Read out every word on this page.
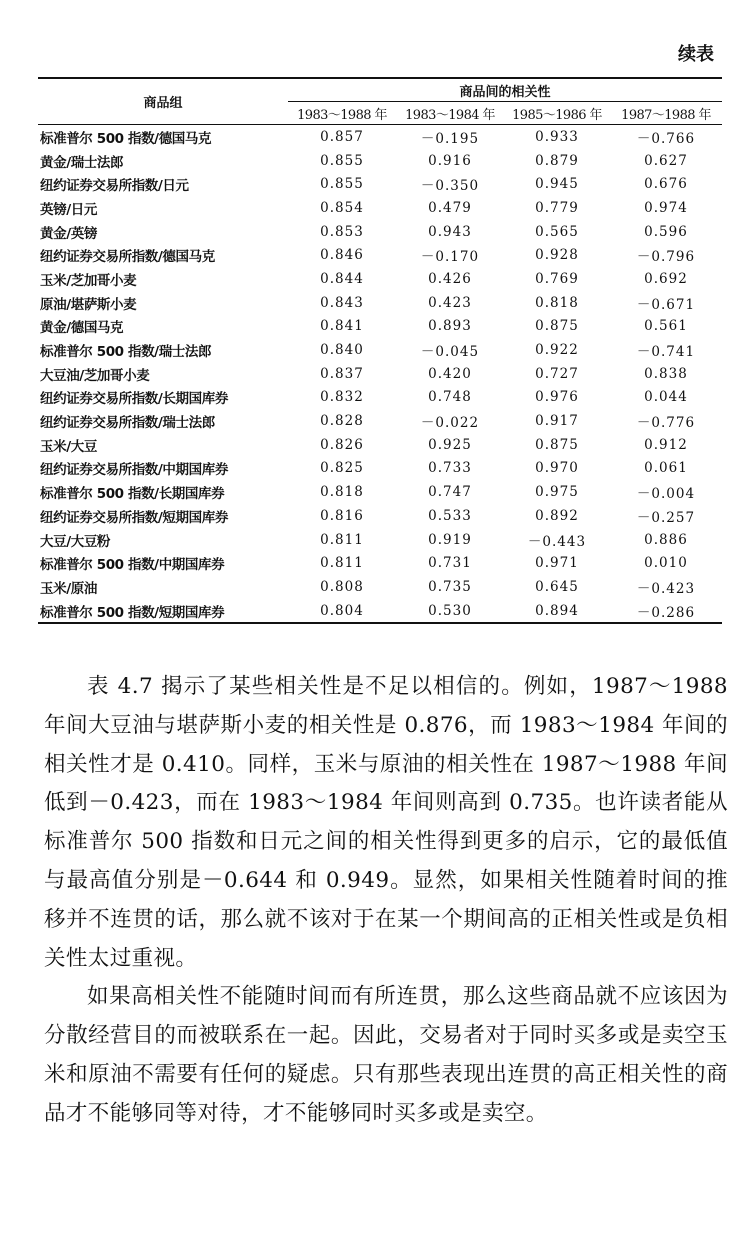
续表
商品组	商品间的相关性			
	1983～1988 年	1983～1984 年	1985～1986 年	1987～1988 年
标准普尔 500 指数/德国马克	0.857	－0.195	0.933	－0.766
黄金/瑞士法郎	0.855	0.916	0.879	0.627
纽约证券交易所指数/日元	0.855	－0.350	0.945	0.676
英镑/日元	0.854	0.479	0.779	0.974
黄金/英镑	0.853	0.943	0.565	0.596
纽约证券交易所指数/德国马克	0.846	－0.170	0.928	－0.796
玉米/芝加哥小麦	0.844	0.426	0.769	0.692
原油/堪萨斯小麦	0.843	0.423	0.818	－0.671
黄金/德国马克	0.841	0.893	0.875	0.561
标准普尔 500 指数/瑞士法郎	0.840	－0.045	0.922	－0.741
大豆油/芝加哥小麦	0.837	0.420	0.727	0.838
纽约证券交易所指数/长期国库券	0.832	0.748	0.976	0.044
纽约证券交易所指数/瑞士法郎	0.828	－0.022	0.917	－0.776
玉米/大豆	0.826	0.925	0.875	0.912
纽约证券交易所指数/中期国库券	0.825	0.733	0.970	0.061
标准普尔 500 指数/长期国库券	0.818	0.747	0.975	－0.004
纽约证券交易所指数/短期国库券	0.816	0.533	0.892	－0.257
大豆/大豆粉	0.811	0.919	－0.443	0.886
标准普尔 500 指数/中期国库券	0.811	0.731	0.971	0.010
玉米/原油	0.808	0.735	0.645	－0.423
标准普尔 500 指数/短期国库券	0.804	0.530	0.894	－0.286

表 4.7 揭示了某些相关性是不足以相信的。例如，1987～1988 年间大豆油与堪萨斯小麦的相关性是 0.876，而 1983～1984 年间的相关性才是 0.410。同样，玉米与原油的相关性在 1987～1988 年间低到－0.423，而在 1983～1984 年间则高到 0.735。也许读者能从标准普尔 500 指数和日元之间的相关性得到更多的启示，它的最低值与最高值分别是－0.644 和 0.949。显然，如果相关性随着时间的推移并不连贯的话，那么就不该对于在某一个期间高的正相关性或是负相关性太过重视。

如果高相关性不能随时间而有所连贯，那么这些商品就不应该因为分散经营目的而被联系在一起。因此，交易者对于同时买多或是卖空玉米和原油不需要有任何的疑虑。只有那些表现出连贯的高正相关性的商品才不能够同等对待，才不能够同时买多或是卖空。
